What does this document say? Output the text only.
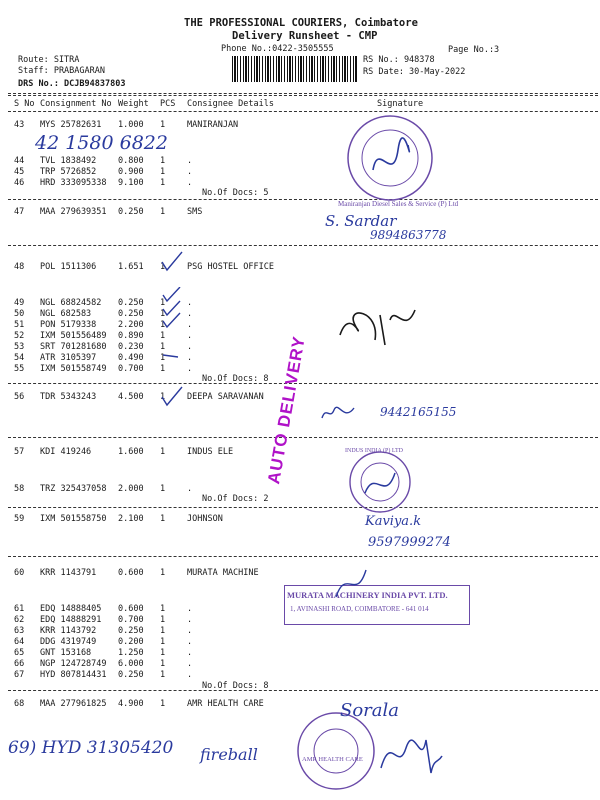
THE PROFESSIONAL COURIERS, Coimbatore
Delivery Runsheet - CMP
Phone No.:0422-3505555	Page No.:3
Route: SITRA
Staff: PRABAGARAN
DRS No.: DCJB94837803
RS No.: 948378
RS Date: 30-May-2022
S No Consignment No Weight PCS Consignee Details	Signature
43 MYS 25782631 1.000 1	MANIRANJAN
44 TVL 1838492	0.800 1	.
45 TRP 5726852	0.900 1	.
46 HRD 333095338 9.100 1	.
No.Of Docs: 5
47 MAA 279639351 0.250 1	SMS
48 POL 1511306	1.651 1	PSG HOSTEL OFFICE
49 NGL 68824582 0.250 1	.
50 NGL 682583	0.250 1	.
51 PON 5179338	2.200 1	.
52 IXM 501556489 0.890 1	.
53 SRT 701281680 0.230 1	.
54 ATR 3105397	0.490 1	.
55 IXM 501558749 0.700 1	.
No.Of Docs: 8
56 TDR 5343243	4.500 1	DEEPA SARAVANAN
57 KDI 419246	1.600 1	INDUS ELE
58 TRZ 325437058 2.000 1	.
No.Of Docs: 2
59 IXM 501558750 2.100 1	JOHNSON
60 KRR 1143791	0.600 1	MURATA MACHINE
61 EDQ 14888405 0.600 1	.
62 EDQ 14888291 0.700 1	.
63 KRR 1143792	0.250 1	.
64 DDG 4319749	0.200 1	.
65 GNT 153168	1.250 1	.
66 NGP 124728749 6.000 1	.
67 HYD 807814431 0.250 1	.
No.Of Docs: 8
68 MAA 277961825 4.900 1	AMR HEALTH CARE
AUTO DELIVERY
Maniranjan Diesel Sales & Service (P) Ltd
42 1580 6822
S. Sardar
9894863778
9442165155
INDUS INDIA (P) LTD
Kaviya.k
9597999274
MURATA MACHINERY INDIA PVT. LTD.
1, AVINASHI ROAD, COIMBATORE - 641 014
AMR HEALTH CARE
Sorala
69) HYD 31305420 fireball
